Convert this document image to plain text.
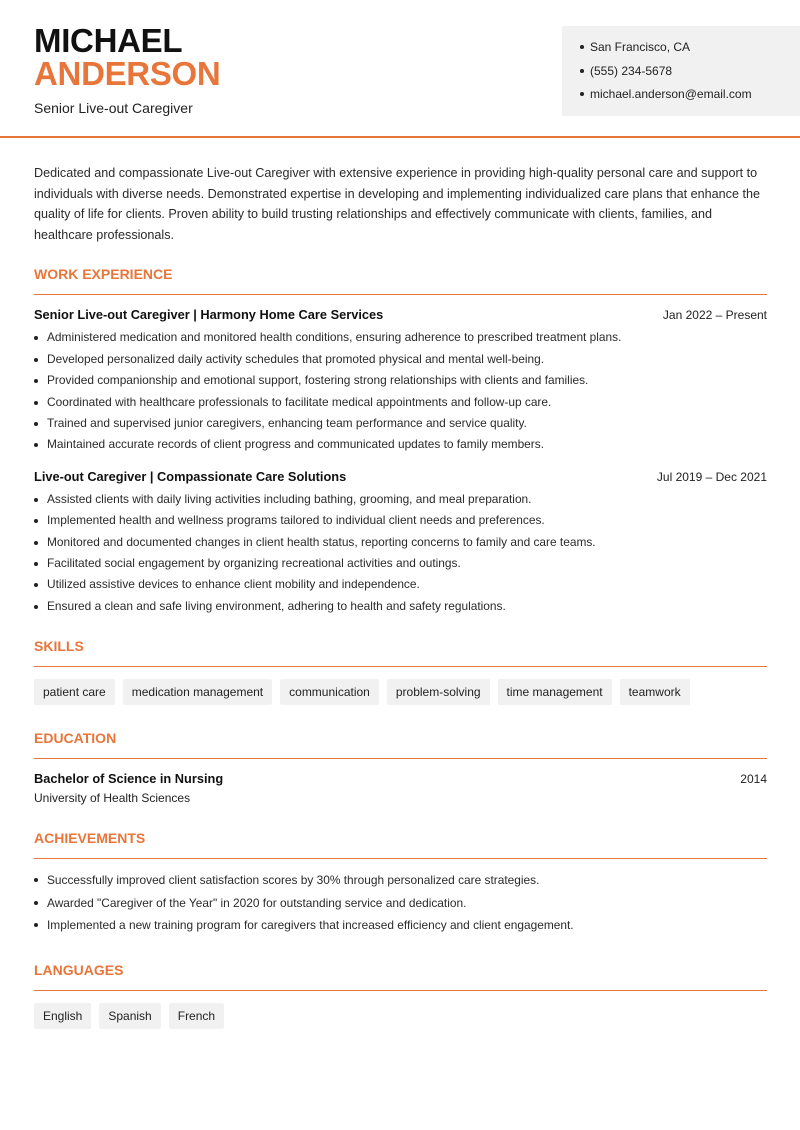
MICHAEL
ANDERSON
Senior Live-out Caregiver
San Francisco, CA
(555) 234-5678
michael.anderson@email.com

Dedicated and compassionate Live-out Caregiver with extensive experience in providing high-quality personal care and support to individuals with diverse needs. Demonstrated expertise in developing and implementing individualized care plans that enhance the quality of life for clients. Proven ability to build trusting relationships and effectively communicate with clients, families, and healthcare professionals.

WORK EXPERIENCE
Senior Live-out Caregiver | Harmony Home Care Services	Jan 2022 – Present
Administered medication and monitored health conditions, ensuring adherence to prescribed treatment plans.
Developed personalized daily activity schedules that promoted physical and mental well-being.
Provided companionship and emotional support, fostering strong relationships with clients and families.
Coordinated with healthcare professionals to facilitate medical appointments and follow-up care.
Trained and supervised junior caregivers, enhancing team performance and service quality.
Maintained accurate records of client progress and communicated updates to family members.
Live-out Caregiver | Compassionate Care Solutions	Jul 2019 – Dec 2021
Assisted clients with daily living activities including bathing, grooming, and meal preparation.
Implemented health and wellness programs tailored to individual client needs and preferences.
Monitored and documented changes in client health status, reporting concerns to family and care teams.
Facilitated social engagement by organizing recreational activities and outings.
Utilized assistive devices to enhance client mobility and independence.
Ensured a clean and safe living environment, adhering to health and safety regulations.
SKILLS
patient care	medication management	communication	problem-solving	time management	teamwork
EDUCATION
Bachelor of Science in Nursing	2014
University of Health Sciences
ACHIEVEMENTS
Successfully improved client satisfaction scores by 30% through personalized care strategies.
Awarded "Caregiver of the Year" in 2020 for outstanding service and dedication.
Implemented a new training program for caregivers that increased efficiency and client engagement.
LANGUAGES
English	Spanish	French
